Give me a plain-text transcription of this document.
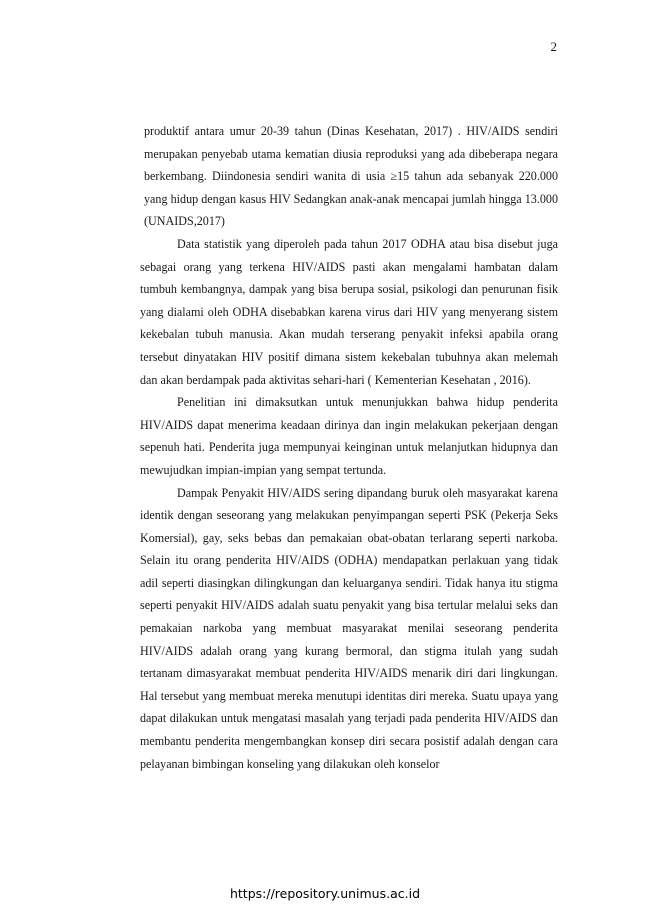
2

produktif antara umur 20-39 tahun (Dinas Kesehatan, 2017) . HIV/AIDS sendiri merupakan penyebab utama kematian diusia reproduksi yang ada dibeberapa negara berkembang. Diindonesia sendiri wanita di usia ≥15 tahun ada sebanyak 220.000 yang hidup dengan kasus HIV Sedangkan anak-anak mencapai jumlah hingga 13.000 (UNAIDS,2017)

Data statistik yang diperoleh pada tahun 2017 ODHA atau bisa disebut juga sebagai orang yang terkena HIV/AIDS pasti akan mengalami hambatan dalam tumbuh kembangnya, dampak yang bisa berupa sosial, psikologi dan penurunan fisik yang dialami oleh ODHA disebabkan karena virus dari HIV yang menyerang sistem kekebalan tubuh manusia. Akan mudah terserang penyakit infeksi apabila orang tersebut dinyatakan HIV positif dimana sistem kekebalan tubuhnya akan melemah dan akan berdampak pada aktivitas sehari-hari ( Kementerian Kesehatan , 2016).

Penelitian ini dimaksutkan untuk menunjukkan bahwa hidup penderita HIV/AIDS dapat menerima keadaan dirinya dan ingin melakukan pekerjaan dengan sepenuh hati. Penderita juga mempunyai keinginan untuk melanjutkan hidupnya dan mewujudkan impian-impian yang sempat tertunda.

Dampak Penyakit HIV/AIDS sering dipandang buruk oleh masyarakat karena identik dengan seseorang yang melakukan penyimpangan seperti PSK (Pekerja Seks Komersial), gay, seks bebas dan pemakaian obat-obatan terlarang seperti narkoba. Selain itu orang penderita HIV/AIDS (ODHA) mendapatkan perlakuan yang tidak adil seperti diasingkan dilingkungan dan keluarganya sendiri. Tidak hanya itu stigma seperti penyakit HIV/AIDS adalah suatu penyakit yang bisa tertular melalui seks dan pemakaian narkoba yang membuat masyarakat menilai seseorang penderita HIV/AIDS adalah orang yang kurang bermoral, dan stigma itulah yang sudah tertanam dimasyarakat membuat penderita HIV/AIDS menarik diri dari lingkungan. Hal tersebut yang membuat mereka menutupi identitas diri mereka. Suatu upaya yang dapat dilakukan untuk mengatasi masalah yang terjadi pada penderita HIV/AIDS dan membantu penderita mengembangkan konsep diri secara posistif adalah dengan cara pelayanan bimbingan konseling yang dilakukan oleh konselor

https://repository.unimus.ac.id
